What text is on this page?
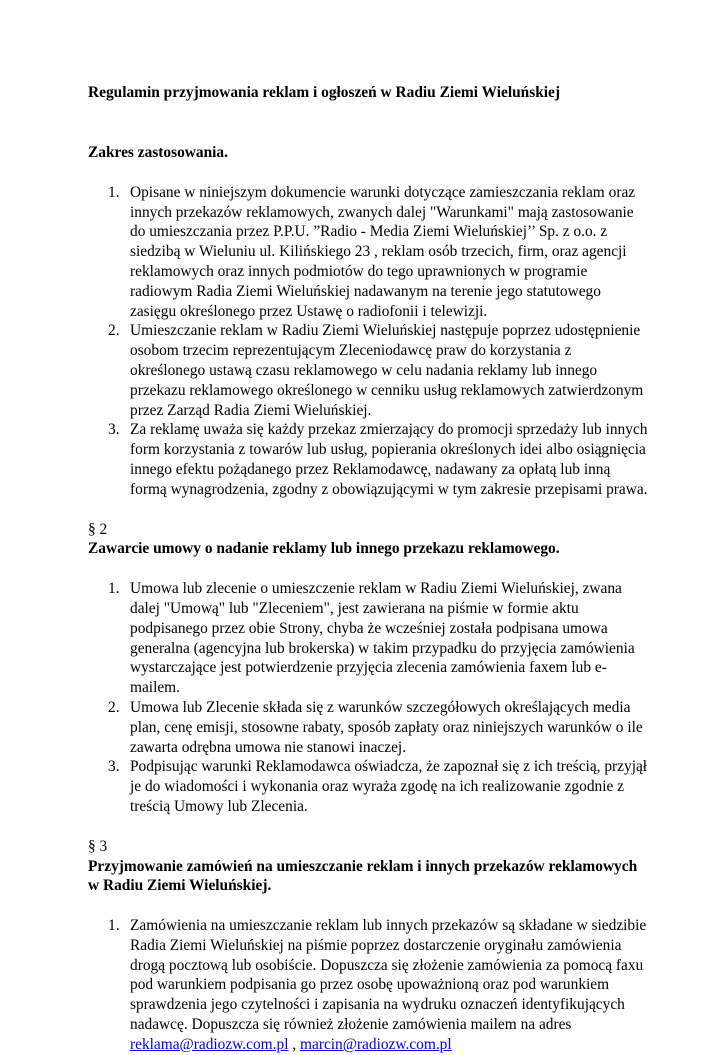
Regulamin przyjmowania reklam i ogłoszeń w Radiu Ziemi Wieluńskiej

Zakres zastosowania.

1. Opisane w niniejszym dokumencie warunki dotyczące zamieszczania reklam oraz innych przekazów reklamowych, zwanych dalej "Warunkami" mają zastosowanie do umieszczania przez P.P.U. ”Radio - Media Ziemi Wieluńskiej’’ Sp. z o.o. z siedzibą w Wieluniu ul. Kilińskiego 23 , reklam osób trzecich, firm, oraz agencji reklamowych oraz innych podmiotów do tego uprawnionych w programie radiowym Radia Ziemi Wieluńskiej nadawanym na terenie jego statutowego zasięgu określonego przez Ustawę o radiofonii i telewizji.
2. Umieszczanie reklam w Radiu Ziemi Wieluńskiej następuje poprzez udostępnienie osobom trzecim reprezentującym Zleceniodawcę praw do korzystania z określonego ustawą czasu reklamowego w celu nadania reklamy lub innego przekazu reklamowego określonego w cenniku usług reklamowych zatwierdzonym przez Zarząd Radia Ziemi Wieluńskiej.
3. Za reklamę uważa się każdy przekaz zmierzający do promocji sprzedaży lub innych form korzystania z towarów lub usług, popierania określonych idei albo osiągnięcia innego efektu pożądanego przez Reklamodawcę, nadawany za opłatą lub inną formą wynagrodzenia, zgodny z obowiązującymi w tym zakresie przepisami prawa.

§ 2

Zawarcie umowy o nadanie reklamy lub innego przekazu reklamowego.

1. Umowa lub zlecenie o umieszczenie reklam w Radiu Ziemi Wieluńskiej, zwana dalej "Umową" lub "Zleceniem", jest zawierana na piśmie w formie aktu podpisanego przez obie Strony, chyba że wcześniej została podpisana umowa generalna (agencyjna lub brokerska) w takim przypadku do przyjęcia zamówienia wystarczające jest potwierdzenie przyjęcia zlecenia zamówienia faxem lub e-mailem.
2. Umowa lub Zlecenie składa się z warunków szczegółowych określających media plan, cenę emisji, stosowne rabaty, sposób zapłaty oraz niniejszych warunków o ile zawarta odrębna umowa nie stanowi inaczej.
3. Podpisując warunki Reklamodawca oświadcza, że zapoznał się z ich treścią, przyjął je do wiadomości i wykonania oraz wyraża zgodę na ich realizowanie zgodnie z treścią Umowy lub Zlecenia.

§ 3

Przyjmowanie zamówień na umieszczanie reklam i innych przekazów reklamowych w Radiu Ziemi Wieluńskiej.

1. Zamówienia na umieszczanie reklam lub innych przekazów są składane w siedzibie Radia Ziemi Wieluńskiej na piśmie poprzez dostarczenie oryginału zamówienia drogą pocztową lub osobiście. Dopuszcza się złożenie zamówienia za pomocą faxu pod warunkiem podpisania go przez osobę upoważnioną oraz pod warunkiem sprawdzenia jego czytelności i zapisania na wydruku oznaczeń identyfikujących nadawcę. Dopuszcza się również złożenie zamówienia mailem na adres
reklama@radiozw.com.pl , marcin@radiozw.com.pl
